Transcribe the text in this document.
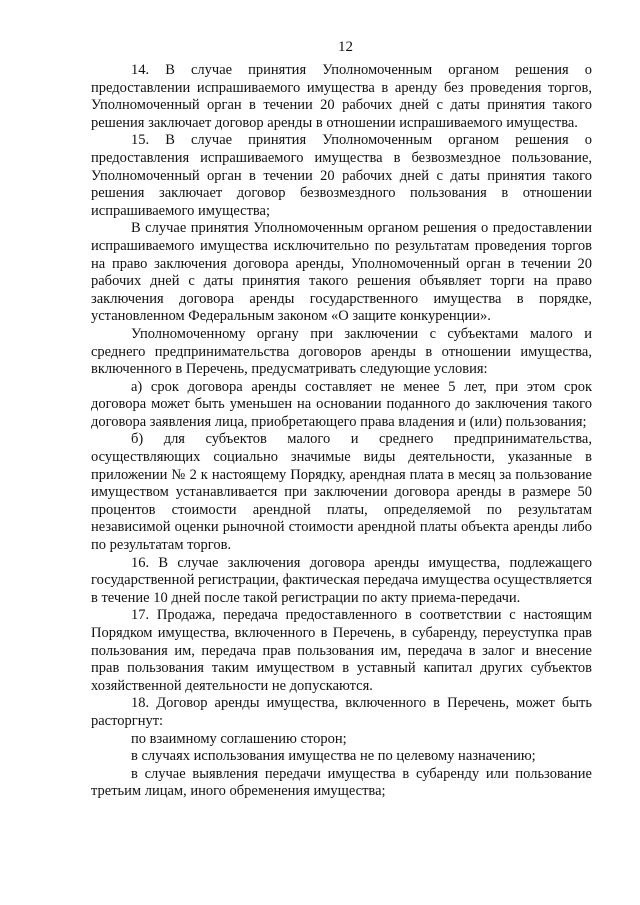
12

14. В случае принятия Уполномоченным органом решения о предоставлении испрашиваемого имущества в аренду без проведения торгов, Уполномоченный орган в течении 20 рабочих дней с даты принятия такого решения заключает договор аренды в отношении испрашиваемого имущества.

15. В случае принятия Уполномоченным органом решения о предоставления испрашиваемого имущества в безвозмездное пользование, Уполномоченный орган в течении 20 рабочих дней с даты принятия такого решения заключает договор безвозмездного пользования в отношении испрашиваемого имущества;

В случае принятия Уполномоченным органом решения о предоставлении испрашиваемого имущества исключительно по результатам проведения торгов на право заключения договора аренды, Уполномоченный орган в течении 20 рабочих дней с даты принятия такого решения объявляет торги на право заключения договора аренды государственного имущества в порядке, установленном Федеральным законом «О защите конкуренции».

Уполномоченному органу при заключении с субъектами малого и среднего предпринимательства договоров аренды в отношении имущества, включенного в Перечень, предусматривать следующие условия:

а) срок договора аренды составляет не менее 5 лет, при этом срок договора может быть уменьшен на основании поданного до заключения такого договора заявления лица, приобретающего права владения и (или) пользования;

б) для субъектов малого и среднего предпринимательства, осуществляющих социально значимые виды деятельности, указанные в приложении № 2 к настоящему Порядку, арендная плата в месяц за пользование имуществом устанавливается при заключении договора аренды в размере 50 процентов стоимости арендной платы, определяемой по результатам независимой оценки рыночной стоимости арендной платы объекта аренды либо по результатам торгов.

16. В случае заключения договора аренды имущества, подлежащего государственной регистрации, фактическая передача имущества осуществляется в течение 10 дней после такой регистрации по акту приема-передачи.

17. Продажа, передача предоставленного в соответствии с настоящим Порядком имущества, включенного в Перечень, в субаренду, переуступка прав пользования им, передача прав пользования им, передача в залог и внесение прав пользования таким имуществом в уставный капитал других субъектов хозяйственной деятельности не допускаются.

18. Договор аренды имущества, включенного в Перечень, может быть расторгнут:

по взаимному соглашению сторон;

в случаях использования имущества не по целевому назначению;

в случае выявления передачи имущества в субаренду или пользование третьим лицам, иного обременения имущества;
